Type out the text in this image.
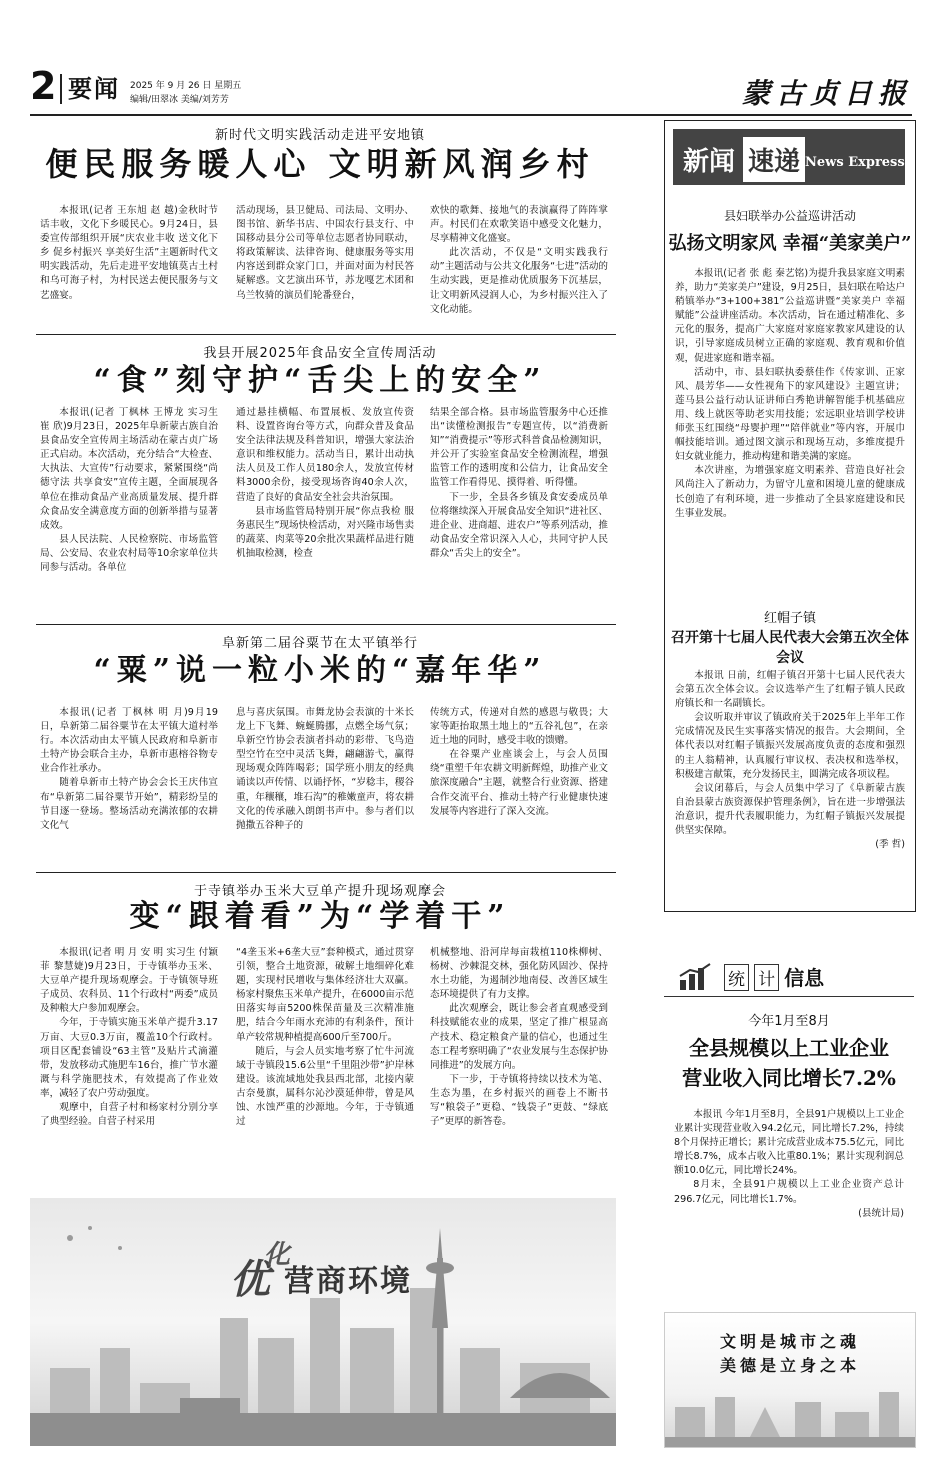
2 要闻 2025 年 9 月 26 日 星期五
编辑/田翠冰 美编/刘芳芳	蒙古贞日报
新时代文明实践活动走进平安地镇
便民服务暖人心 文明新风润乡村

本报讯(记者 王东旭 赵 越)金秋时节话丰收，文化下乡暖民心。9月24日，县委宣传部组织开展“庆农业丰收 送文化下乡 促乡村振兴 享美好生活”主题新时代文明实践活动，先后走进平安地镇莫古土村和乌可海子村，为村民送去便民服务与文艺盛宴。

活动现场，县卫健局、司法局、文明办、图书馆、新华书店、中国农行县支行、中国移动县分公司等单位志愿者协同联动，将政策解读、法律咨询、健康服务等实用内容送到群众家门口，并面对面为村民答疑解惑。文艺演出环节，苏龙嘎艺术团和乌兰牧骑的演员们轮番登台，

欢快的歌舞、接地气的表演赢得了阵阵掌声。村民们在欢歌笑语中感受文化魅力，尽享精神文化盛宴。

此次活动，不仅是“文明实践我行动”主题活动与公共文化服务“七进”活动的生动实践，更是推动优质服务下沉基层，让文明新风浸润人心，为乡村振兴注入了文化动能。

我县开展2025年食品安全宣传周活动
“食”刻守护“舌尖上的安全”

本报讯(记者 丁枫林 王博龙 实习生 崔 欣)9月23日，2025年阜新蒙古族自治县食品安全宣传周主场活动在蒙古贞广场正式启动。本次活动，充分结合“大检查、大执法、大宣传”行动要求，紧紧围绕“尚德守法 共享食安”宣传主题，全面展现各单位在推动食品产业高质量发展、提升群众食品安全满意度方面的创新举措与显著成效。

县人民法院、人民检察院、市场监管局、公安局、农业农村局等10余家单位共同参与活动。各单位

通过悬挂横幅、布置展板、发放宣传资料、设置咨询台等方式，向群众普及食品安全法律法规及科普知识，增强大家法治意识和维权能力。活动当日，累计出动执法人员及工作人员180余人，发放宣传材料3000余份，接受现场咨询40余人次，营造了良好的食品安全社会共治氛围。

县市场监管局特别开展“你点我检 服务惠民生”现场快检活动，对兴隆市场售卖的蔬菜、肉菜等20余批次果蔬样品进行随机抽取检测，检查

结果全部合格。县市场监管服务中心还推出“读懂检测报告”专题宣传，以“消费新知”“消费提示”等形式科普食品检测知识，并公开了实验室食品安全检测流程，增强监管工作的透明度和公信力，让食品安全监管工作看得见、摸得着、听得懂。

下一步，全县各乡镇及食安委成员单位将继续深入开展食品安全知识“进社区、进企业、进商超、进农户”等系列活动，推动食品安全常识深入人心，共同守护人民群众“舌尖上的安全”。

阜新第二届谷粟节在太平镇举行
“粟”说一粒小米的“嘉年华”

本报讯(记者 丁枫林 明 月)9月19日，阜新第二届谷粟节在太平镇大道村举行。本次活动由太平镇人民政府和阜新市土特产协会联合主办，阜新市惠榕谷物专业合作社承办。

随着阜新市土特产协会会长王庆伟宣布“阜新第二届谷粟节开始”，精彩纷呈的节目逐一登场。整场活动充满浓郁的农耕文化气

息与喜庆氛围。市舞龙协会表演的十米长龙上下飞舞、蜿蜒腾挪，点燃全场气氛；阜新空竹协会表演者抖动的彩带、飞鸟造型空竹在空中灵活飞舞，翩翩游弋，赢得现场观众阵阵喝彩；国学班小朋友的经典诵读以声传情、以诵抒怀，“岁稔丰，稷谷重，年穰穰，堆石沟”的稚嫩童声，将农耕文化的传承融入朗朗书声中。参与者们以抛撒五谷种子的

传统方式，传递对自然的感恩与敬畏；大家等距抬取黑土地上的“五谷礼包”，在亲近土地的同时，感受丰收的馈赠。

在谷粟产业座谈会上，与会人员围绕“重塑千年农耕文明新辉煌，助推产业文旅深度融合”主题，就整合行业资源、搭建合作交流平台、推动土特产行业健康快速发展等内容进行了深入交流。

于寺镇举办玉米大豆单产提升现场观摩会
变“跟着看”为“学着干”

本报讯(记者 明 月 安 明 实习生 付颖菲 黎慧婕)9月23日，于寺镇举办玉米、大豆单产提升现场观摩会。于寺镇领导班子成员、农科员、11个行政村“两委”成员及种粮大户参加观摩会。

今年，于寺镇实施玉米单产提升3.17万亩、大豆0.3万亩，覆盖10个行政村。项目区配套铺设“63主管”及贴片式滴灌带，发放移动式施肥车16台，推广节水灌溉与科学施肥技术，有效提高了作业效率，减轻了农户劳动强度。

观摩中，自营子村和杨家村分别分享了典型经验。自营子村采用

“4垄玉米+6垄大豆”套种模式，通过贯穿引领，整合土地资源，破解土地细碎化难题，实现村民增收与集体经济壮大双赢。杨家村聚焦玉米单产提升，在6000亩示范田落实每亩5200株保苗量及三次精准施肥，结合今年雨水充沛的有利条件，预计单产较常规种植提高600斤至700斤。

随后，与会人员实地考察了忙牛河流域于寺镇段15.6公里“千里阻沙带”护岸林建设。该流域地处我县西北部，北接内蒙古奈曼旗，属科尔沁沙漠延伸带，曾是风蚀、水蚀严重的沙源地。今年，于寺镇通过

机械整地、沿河岸每亩栽植110株柳树、杨树、沙棘混交林，强化防风固沙、保持水土功能，为遏制沙地南侵、改善区域生态环境提供了有力支撑。

此次观摩会，既让参会者直观感受到科技赋能农业的成果，坚定了推广根显高产技术、稳定粮食产量的信心，也通过生态工程考察明确了“农业发展与生态保护协同推进”的发展方向。

下一步，于寺镇将持续以技术为笔、生态为墨，在乡村振兴的画卷上不断书写“粮袋子”更稳、“钱袋子”更鼓、“绿底子”更厚的新答卷。

优
化
营商环境
新闻 速递 News Express
县妇联举办公益巡讲活动
弘扬文明家风 幸福“美家美户”

本报讯(记者 张 彪 秦艺铭)为提升我县家庭文明素养，助力“美家美户”建设，9月25日，县妇联在哈达户稍镇举办“3+100+381”公益巡讲暨“美家美户 幸福赋能”公益讲座活动。本次活动，旨在通过精准化、多元化的服务，提高广大家庭对家庭家教家风建设的认识，引导家庭成员树立正确的家庭观、教育观和价值观，促进家庭和谐幸福。

活动中，市、县妇联执委蔡佳作《传家训、正家风、晨芳华——女性视角下的家风建设》主题宣讲；莲马县公益行动认证讲师白秀艳讲解智能手机基础应用、线上就医等助老实用技能；宏远职业培训学校讲师张玉红围绕“母婴护理”“陪伴就业”等内容，开展巾帼技能培训。通过图文演示和现场互动，多维度提升妇女就业能力，推动构建和谐美满的家庭。

本次讲座，为增强家庭文明素养、营造良好社会风尚注入了新动力，为留守儿童和困境儿童的健康成长创造了有利环境，进一步推动了全县家庭建设和民生事业发展。

红帽子镇
召开第十七届人民代表大会第五次全体会议

本报讯 日前，红帽子镇召开第十七届人民代表大会第五次全体会议。会议选举产生了红帽子镇人民政府镇长和一名副镇长。

会议听取并审议了镇政府关于2025年上半年工作完成情况及民生实事落实情况的报告。大会期间，全体代表以对红帽子镇振兴发展高度负责的态度和强烈的主人翁精神，认真履行审议权、表决权和选举权，积极建言献策，充分发扬民主，圆满完成各项议程。

会议闭幕后，与会人员集中学习了《阜新蒙古族自治县蒙古族资源保护管理条例》，旨在进一步增强法治意识，提升代表履职能力，为红帽子镇振兴发展提供坚实保障。

(季 哲)

统 计 信息
今年1月至8月
全县规模以上工业企业
营业收入同比增长7.2%

本报讯 今年1月至8月，全县91户规模以上工业企业累计实现营业收入94.2亿元，同比增长7.2%，持续8个月保持正增长；累计完成营业成本75.5亿元，同比增长8.7%，成本占收入比重80.1%；累计实现利润总额10.0亿元，同比增长24%。

8月末，全县91户规模以上工业企业资产总计296.7亿元，同比增长1.7%。

(县统计局)

文明是城市之魂
美德是立身之本
